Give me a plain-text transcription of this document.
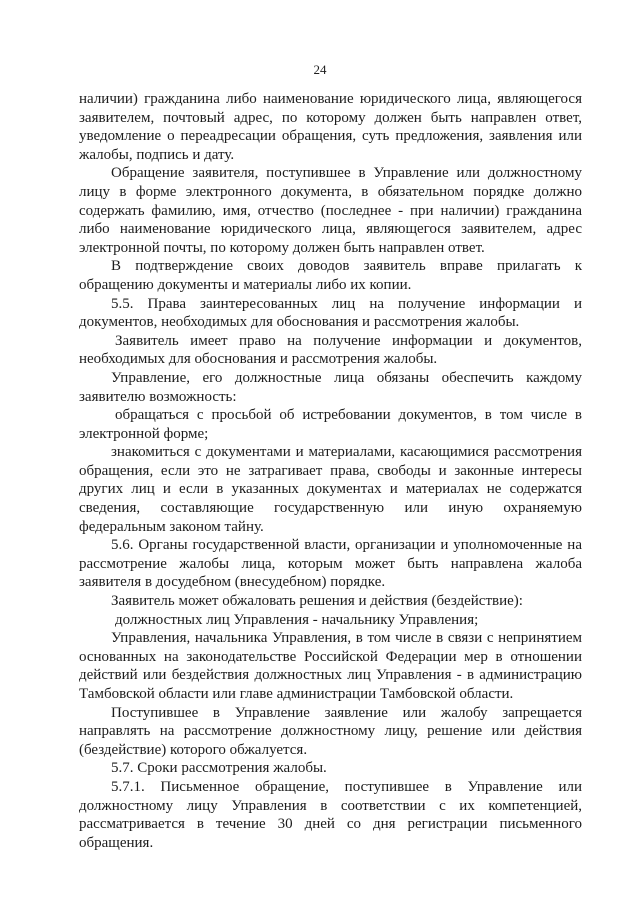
24

наличии) гражданина либо наименование юридического лица, являющегося заявителем, почтовый адрес, по которому должен быть направлен ответ, уведомление о переадресации обращения, суть предложения, заявления или жалобы, подпись и дату.

Обращение заявителя, поступившее в Управление или должностному лицу в форме электронного документа, в обязательном порядке должно содержать фамилию, имя, отчество (последнее - при наличии) гражданина либо наименование юридического лица, являющегося заявителем, адрес электронной почты, по которому должен быть направлен ответ.

В подтверждение своих доводов заявитель вправе прилагать к обращению документы и материалы либо их копии.

5.5. Права заинтересованных лиц на получение информации и документов, необходимых для обоснования и рассмотрения жалобы.

Заявитель имеет право на получение информации и документов, необходимых для обоснования и рассмотрения жалобы.

Управление, его должностные лица обязаны обеспечить каждому заявителю возможность:

обращаться с просьбой об истребовании документов, в том числе в электронной форме;

знакомиться с документами и материалами, касающимися рассмотрения обращения, если это не затрагивает права, свободы и законные интересы других лиц и если в указанных документах и материалах не содержатся сведения, составляющие государственную или иную охраняемую федеральным законом тайну.

5.6. Органы государственной власти, организации и уполномоченные на рассмотрение жалобы лица, которым может быть направлена жалоба заявителя в досудебном (внесудебном) порядке.

Заявитель может обжаловать решения и действия (бездействие):

должностных лиц Управления - начальнику Управления;

Управления, начальника Управления, в том числе в связи с непринятием основанных на законодательстве Российской Федерации мер в отношении действий или бездействия должностных лиц Управления - в администрацию Тамбовской области или главе администрации Тамбовской области.

Поступившее в Управление заявление или жалобу запрещается направлять на рассмотрение должностному лицу, решение или действия (бездействие) которого обжалуется.

5.7. Сроки рассмотрения жалобы.

5.7.1. Письменное обращение, поступившее в Управление или должностному лицу Управления в соответствии с их компетенцией, рассматривается в течение 30 дней со дня регистрации письменного обращения.
